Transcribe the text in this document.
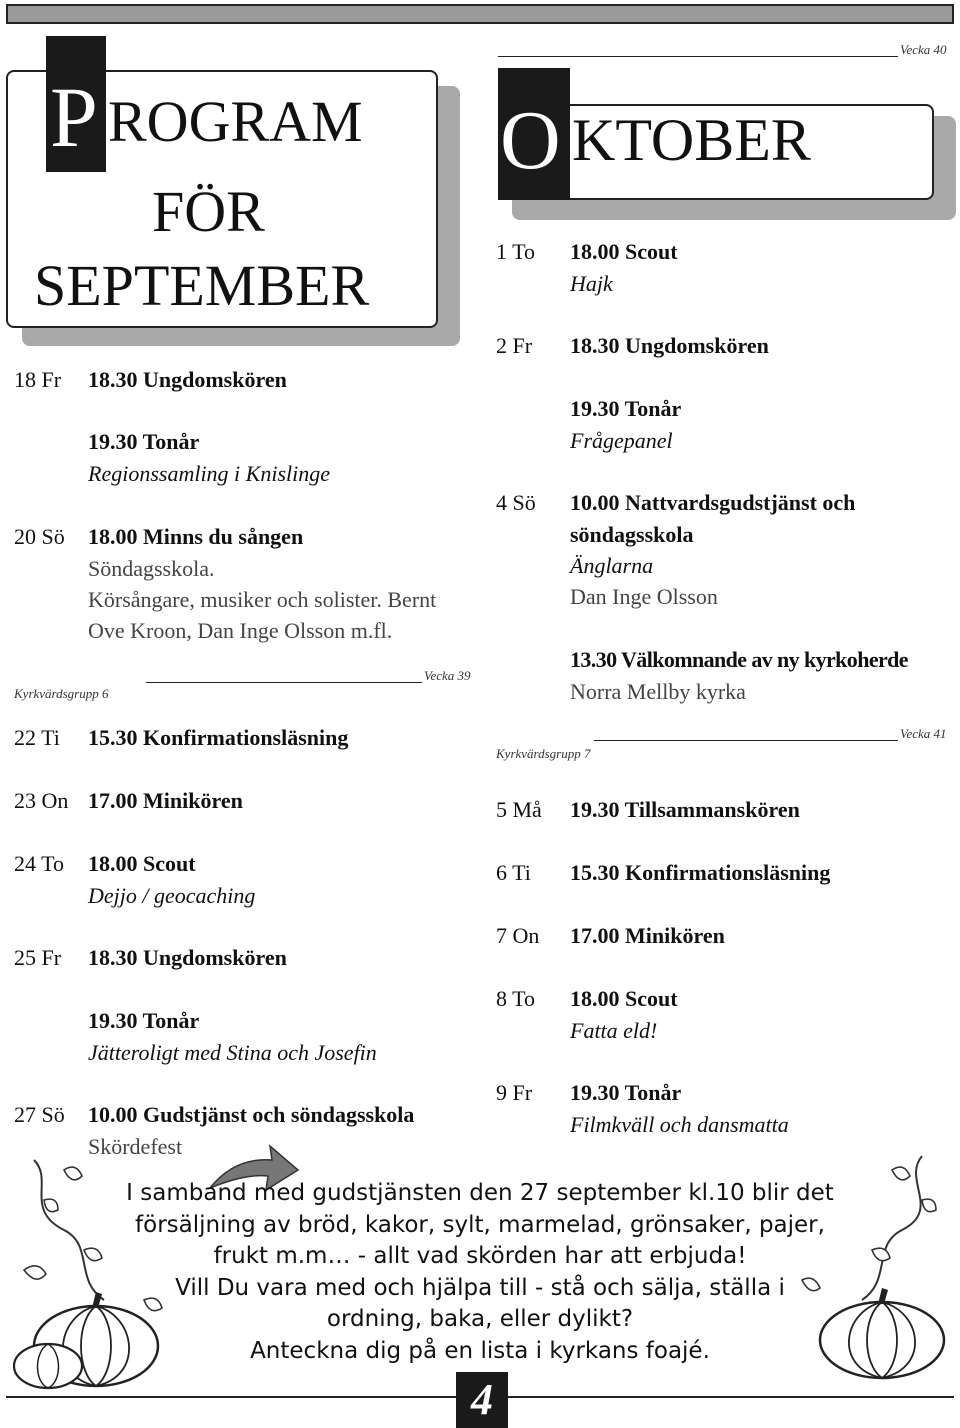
P ROGRAM
FÖR
SEPTEMBER
18 Fr 18.30 Ungdomskören
19.30 Tonår
Regionssamling i Knislinge
20 Sö 18.00 Minns du sången
Söndagsskola.
Körsångare, musiker och solister. Bernt
Ove Kroon, Dan Inge Olsson m.fl.
Kyrkvärdsgrupp 6
Vecka 39
22 Ti 15.30 Konfirmationsläsning
23 On 17.00 Minikören
24 To 18.00 Scout
Dejjo / geocaching
25 Fr 18.30 Ungdomskören
19.30 Tonår
Jätteroligt med Stina och Josefin
27 Sö 10.00 Gudstjänst och söndagsskola
Skördefest
Vecka 40
O KTOBER
1 To 18.00 Scout
Hajk
2 Fr 18.30 Ungdomskören
19.30 Tonår
Frågepanel
4 Sö 10.00 Nattvardsgudstjänst och
söndagsskola
Änglarna
Dan Inge Olsson
13.30 Välkomnande av ny kyrkoherde
Norra Mellby kyrka
Kyrkvärdsgrupp 7
Vecka 41
5 Må 19.30 Tillsammanskören
6 Ti 15.30 Konfirmationsläsning
7 On 17.00 Minikören
8 To 18.00 Scout
Fatta eld!
9 Fr 19.30 Tonår
Filmkväll och dansmatta
I samband med gudstjänsten den 27 september kl.10 blir det
försäljning av bröd, kakor, sylt, marmelad, grönsaker, pajer,
frukt m.m… - allt vad skörden har att erbjuda!
Vill Du vara med och hjälpa till - stå och sälja, ställa i
ordning, baka, eller dylikt?
Anteckna dig på en lista i kyrkans foajé.
4
